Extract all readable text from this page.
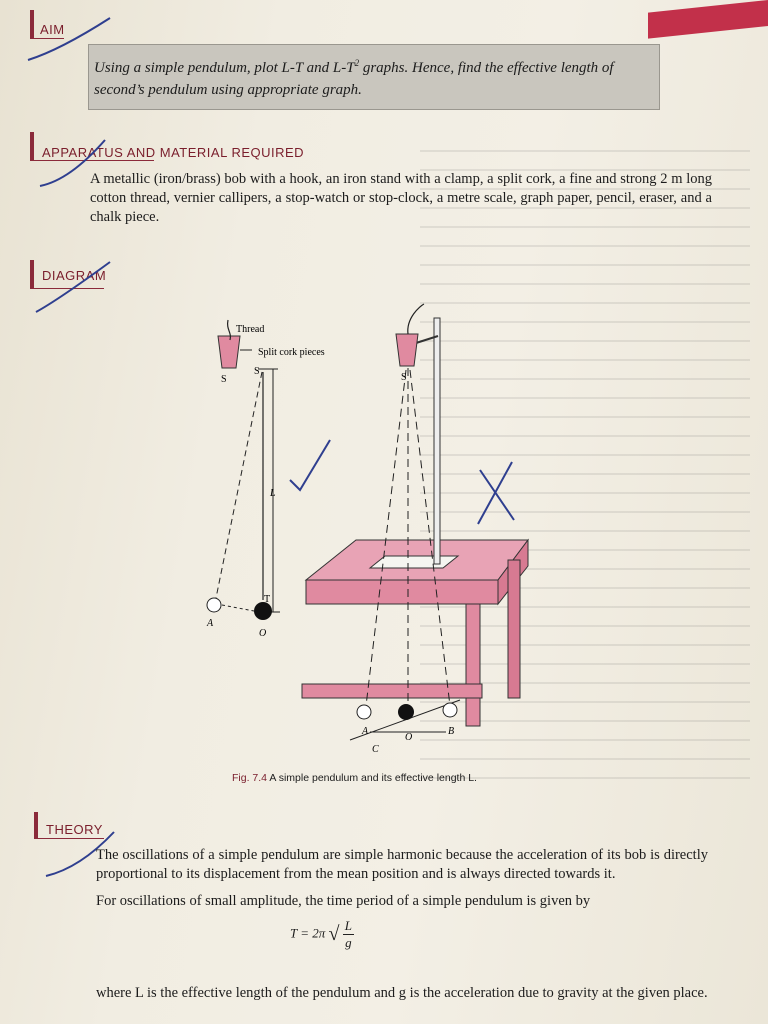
AIM
Using a simple pendulum, plot L-T and $L-T^2$ graphs. Hence, find the effective length of second’s pendulum using appropriate graph.
APPARATUS AND MATERIAL REQUIRED
A metallic (iron/brass) bob with a hook, an iron stand with a clamp, a split cork, a fine and strong 2 m long cotton thread, vernier callipers, a stop-watch or stop-clock, a metre scale, graph paper, pencil, eraser, and a chalk piece.
DIAGRAM
Thread
Split cork pieces
S
S
L
T
A
O
S
A
O
B
C
Fig. 7.4 A simple pendulum and its effective length L.
THEORY
The oscillations of a simple pendulum are simple harmonic because the acceleration of its bob is directly proportional to its displacement from the mean position and is always directed towards it.
For oscillations of small amplitude, the time period of a simple pendulum is given by
T = 2π √ $\frac{L}{g}$
where L is the effective length of the pendulum and g is the acceleration due to gravity at the given place.
